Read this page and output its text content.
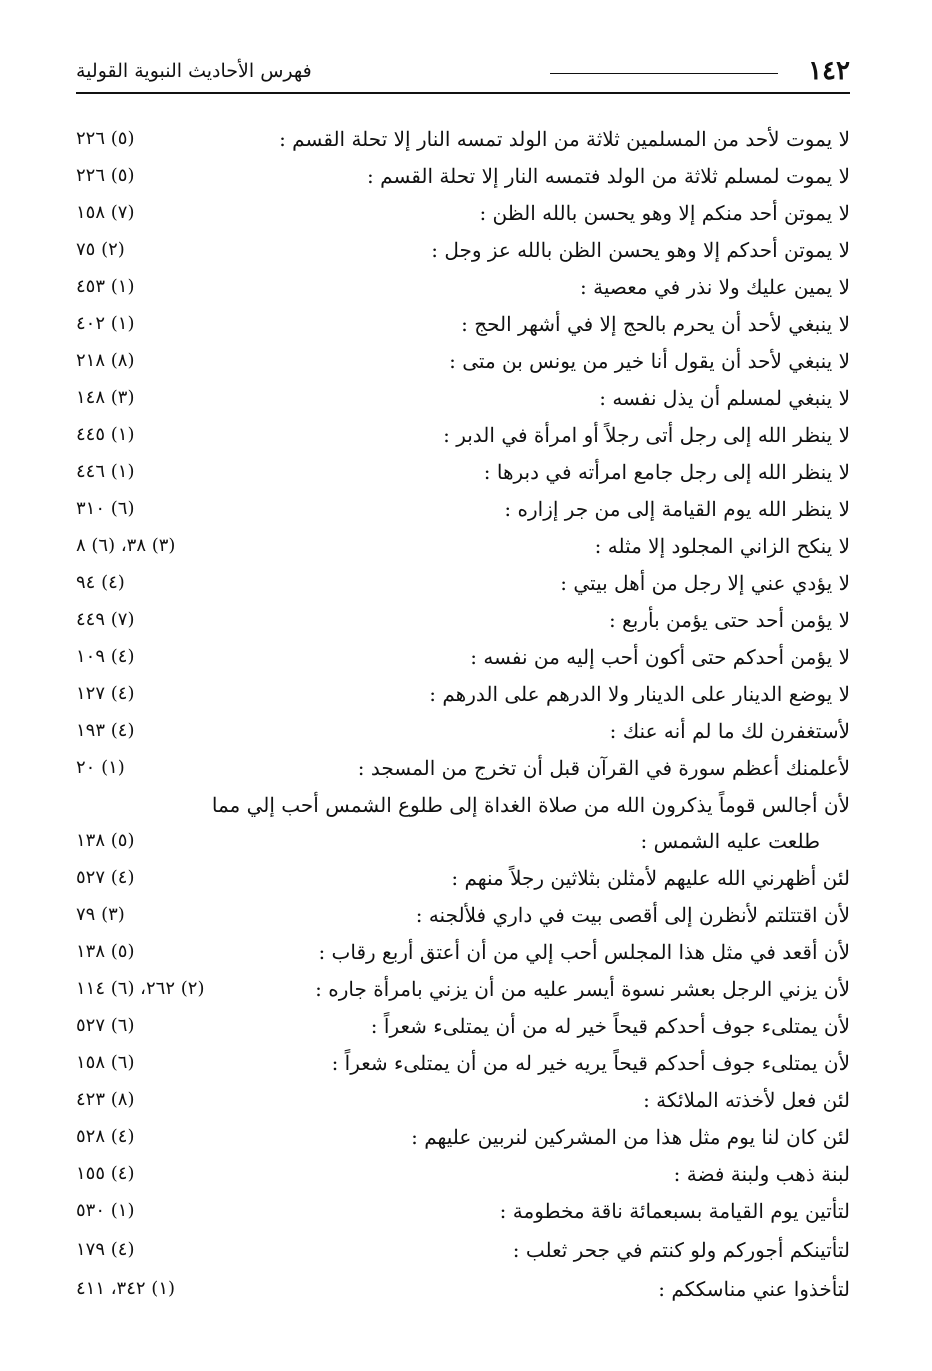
١٤٢
فهرس الأحاديث النبوية القولية
لا يموت لأحد من المسلمين ثلاثة من الولد تمسه النار إلا تحلة القسم :
(٥) ٢٢٦
لا يموت لمسلم ثلاثة من الولد فتمسه النار إلا تحلة القسم :
(٥) ٢٢٦
لا يموتن أحد منكم إلا وهو يحسن بالله الظن :
(٧) ١٥٨
لا يموتن أحدكم إلا وهو يحسن الظن بالله عز وجل :
(٢) ٧٥
لا يمين عليك ولا نذر في معصية :
(١) ٤٥٣
لا ينبغي لأحد أن يحرم بالحج إلا في أشهر الحج :
(١) ٤٠٢
لا ينبغي لأحد أن يقول أنا خير من يونس بن متى :
(٨) ٢١٨
لا ينبغي لمسلم أن يذل نفسه :
(٣) ١٤٨
لا ينظر الله إلى رجل أتى رجلاً أو امرأة في الدبر :
(١) ٤٤٥
لا ينظر الله إلى رجل جامع امرأته في دبرها :
(١) ٤٤٦
لا ينظر الله يوم القيامة إلى من جر إزاره :
(٦) ٣١٠
لا ينكح الزاني المجلود إلا مثله :
(٣) ٣٨، (٦) ٨
لا يؤدي عني إلا رجل من أهل بيتي :
(٤) ٩٤
لا يؤمن أحد حتى يؤمن بأربع :
(٧) ٤٤٩
لا يؤمن أحدكم حتى أكون أحب إليه من نفسه :
(٤) ١٠٩
لا يوضع الدينار على الدينار ولا الدرهم على الدرهم :
(٤) ١٢٧
لأستغفرن لك ما لم أنه عنك :
(٤) ١٩٣
لأعلمنك أعظم سورة في القرآن قبل أن تخرج من المسجد :
(١) ٢٠
لأن أجالس قوماً يذكرون الله من صلاة الغداة إلى طلوع الشمس أحب إلي مما
طلعت عليه الشمس :
(٥) ١٣٨
لئن أظهرني الله عليهم لأمثلن بثلاثين رجلاً منهم :
(٤) ٥٢٧
لأن اقتتلتم لأنظرن إلى أقصى بيت في داري فلألجنه :
(٣) ٧٩
لأن أقعد في مثل هذا المجلس أحب إلي من أن أعتق أربع رقاب :
(٥) ١٣٨
لأن يزني الرجل بعشر نسوة أيسر عليه من أن يزني بامرأة جاره :
(٢) ٢٦٢، (٦) ١١٤
لأن يمتلىء جوف أحدكم قيحاً خير له من أن يمتلىء شعراً :
(٦) ٥٢٧
لأن يمتلىء جوف أحدكم قيحاً يريه خير له من أن يمتلىء شعراً :
(٦) ١٥٨
لئن فعل لأخذته الملائكة :
(٨) ٤٢٣
لئن كان لنا يوم مثل هذا من المشركين لنربين عليهم :
(٤) ٥٢٨
لبنة ذهب ولبنة فضة :
(٤) ١٥٥
لتأتين يوم القيامة بسبعمائة ناقة مخطومة :
(١) ٥٣٠
لتأتينكم أجوركم ولو كنتم في جحر ثعلب :
(٤) ١٧٩
لتأخذوا عني مناسككم :
(١) ٣٤٢، ٤١١
